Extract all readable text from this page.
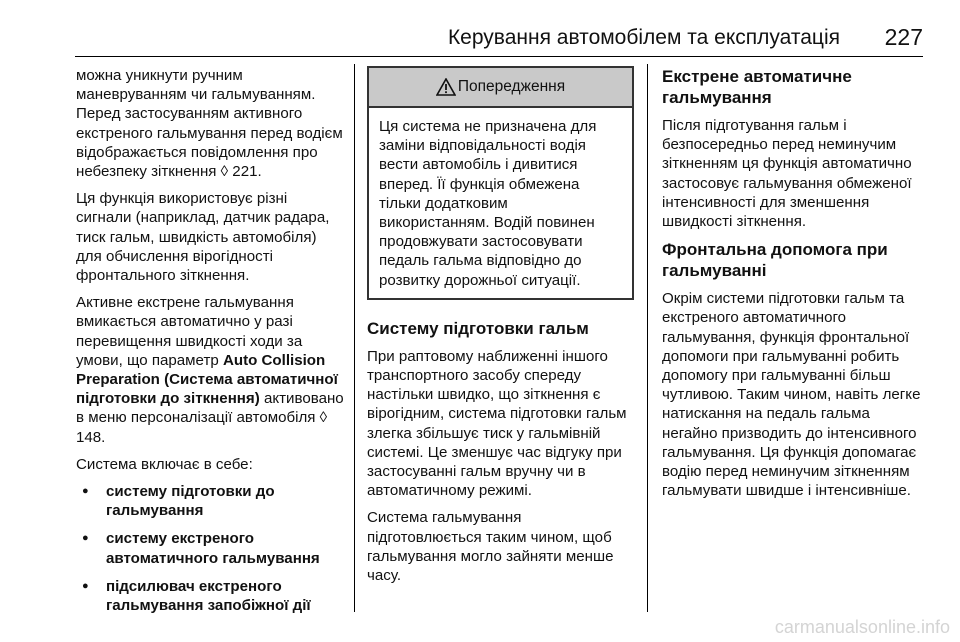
Керування автомобілем та експлуатація 227

можна уникнути ручним маневруванням чи гальмуванням. Перед застосуванням активного екстреного гальмування перед водієм відображається повідомлення про небезпеку зіткнення ◊ 221.

Ця функція використовує різні сигнали (наприклад, датчик радара, тиск гальм, швидкість автомобіля) для обчислення вірогідності фронтального зіткнення.

Активне екстрене гальмування вмикається автоматично у разі перевищення швидкості ходи за умови, що параметр Auto Collision Preparation (Система автоматичної підготовки до зіткнення) активовано в меню персоналізації автомобіля ◊ 148.

Система включає в себе:

● систему підготовки до гальмування
● систему екстреного автоматичного гальмування
● підсилювач екстреного гальмування запобіжної дії
Попередження
Ця система не призначена для заміни відповідальності водія вести автомобіль і дивитися вперед. Її функція обмежена тільки додатковим використанням. Водій повинен продовжувати застосовувати педаль гальма відповідно до розвитку дорожньої ситуації.
Систему підготовки гальм

При раптовому наближенні іншого транспортного засобу спереду настільки швидко, що зіткнення є вірогідним, система підготовки гальм злегка збільшує тиск у гальмівній системі. Це зменшує час відгуку при застосуванні гальм вручну чи в автоматичному режимі.

Система гальмування підготовлюється таким чином, щоб гальмування могло зайняти менше часу.

Екстрене автоматичне гальмування

Після підготування гальм і безпосередньо перед неминучим зіткненням ця функція автоматично застосовує гальмування обмеженої інтенсивності для зменшення швидкості зіткнення.

Фронтальна допомога при гальмуванні

Окрім системи підготовки гальм та екстреного автоматичного гальмування, функція фронтальної допомоги при гальмуванні робить допомогу при гальмуванні більш чутливою. Таким чином, навіть легке натискання на педаль гальма негайно призводить до інтенсивного гальмування. Ця функція допомагає водію перед неминучим зіткненням гальмувати швидше і інтенсивніше.

carmanualsonline.info
